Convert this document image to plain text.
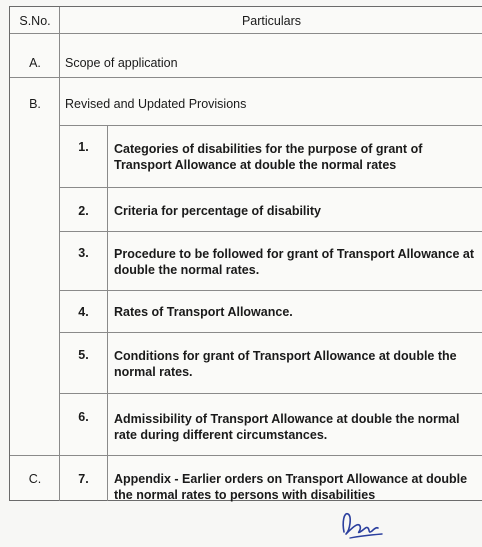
S.No.	Particulars
A.	Scope of application
B.	Revised and Updated Provisions
1.	Categories of disabilities for the purpose of grant of Transport Allowance at double the normal rates
2.	Criteria for percentage of disability
3.	Procedure to be followed for grant of Transport Allowance at double the normal rates.
4.	Rates of Transport Allowance.
5.	Conditions for grant of Transport Allowance at double the normal rates.
6.	Admissibility of Transport Allowance at double the normal rate during different circumstances.
C.	7.	Appendix - Earlier orders on Transport Allowance at double the normal rates to persons with disabilities
